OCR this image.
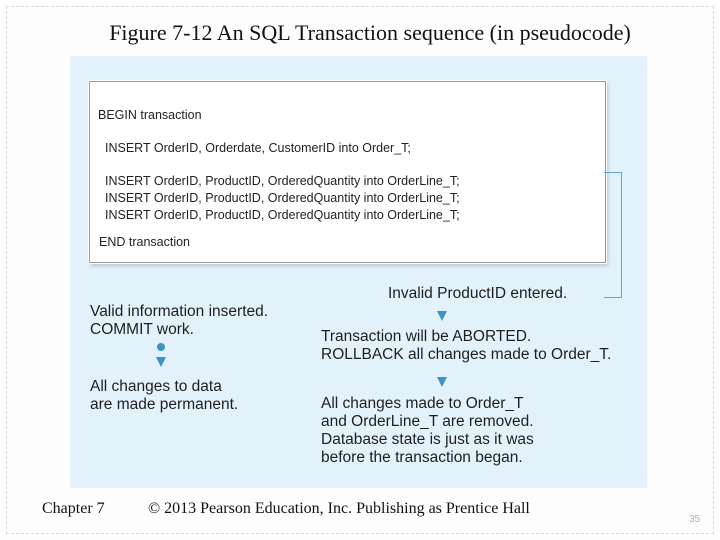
Figure 7-12 An SQL Transaction sequence (in pseudocode)
BEGIN transaction
INSERT OrderID, Orderdate, CustomerID into Order_T;
INSERT OrderID, ProductID, OrderedQuantity into OrderLine_T;
INSERT OrderID, ProductID, OrderedQuantity into OrderLine_T;
INSERT OrderID, ProductID, OrderedQuantity into OrderLine_T;
END transaction
Valid information inserted.
COMMIT work.
All changes to data
are made permanent.
Invalid ProductID entered.
Transaction will be ABORTED.
ROLLBACK all changes made to Order_T.
All changes made to Order_T
and OrderLine_T are removed.
Database state is just as it was
before the transaction began.
Chapter 7	© 2013 Pearson Education, Inc. Publishing as Prentice Hall
35
